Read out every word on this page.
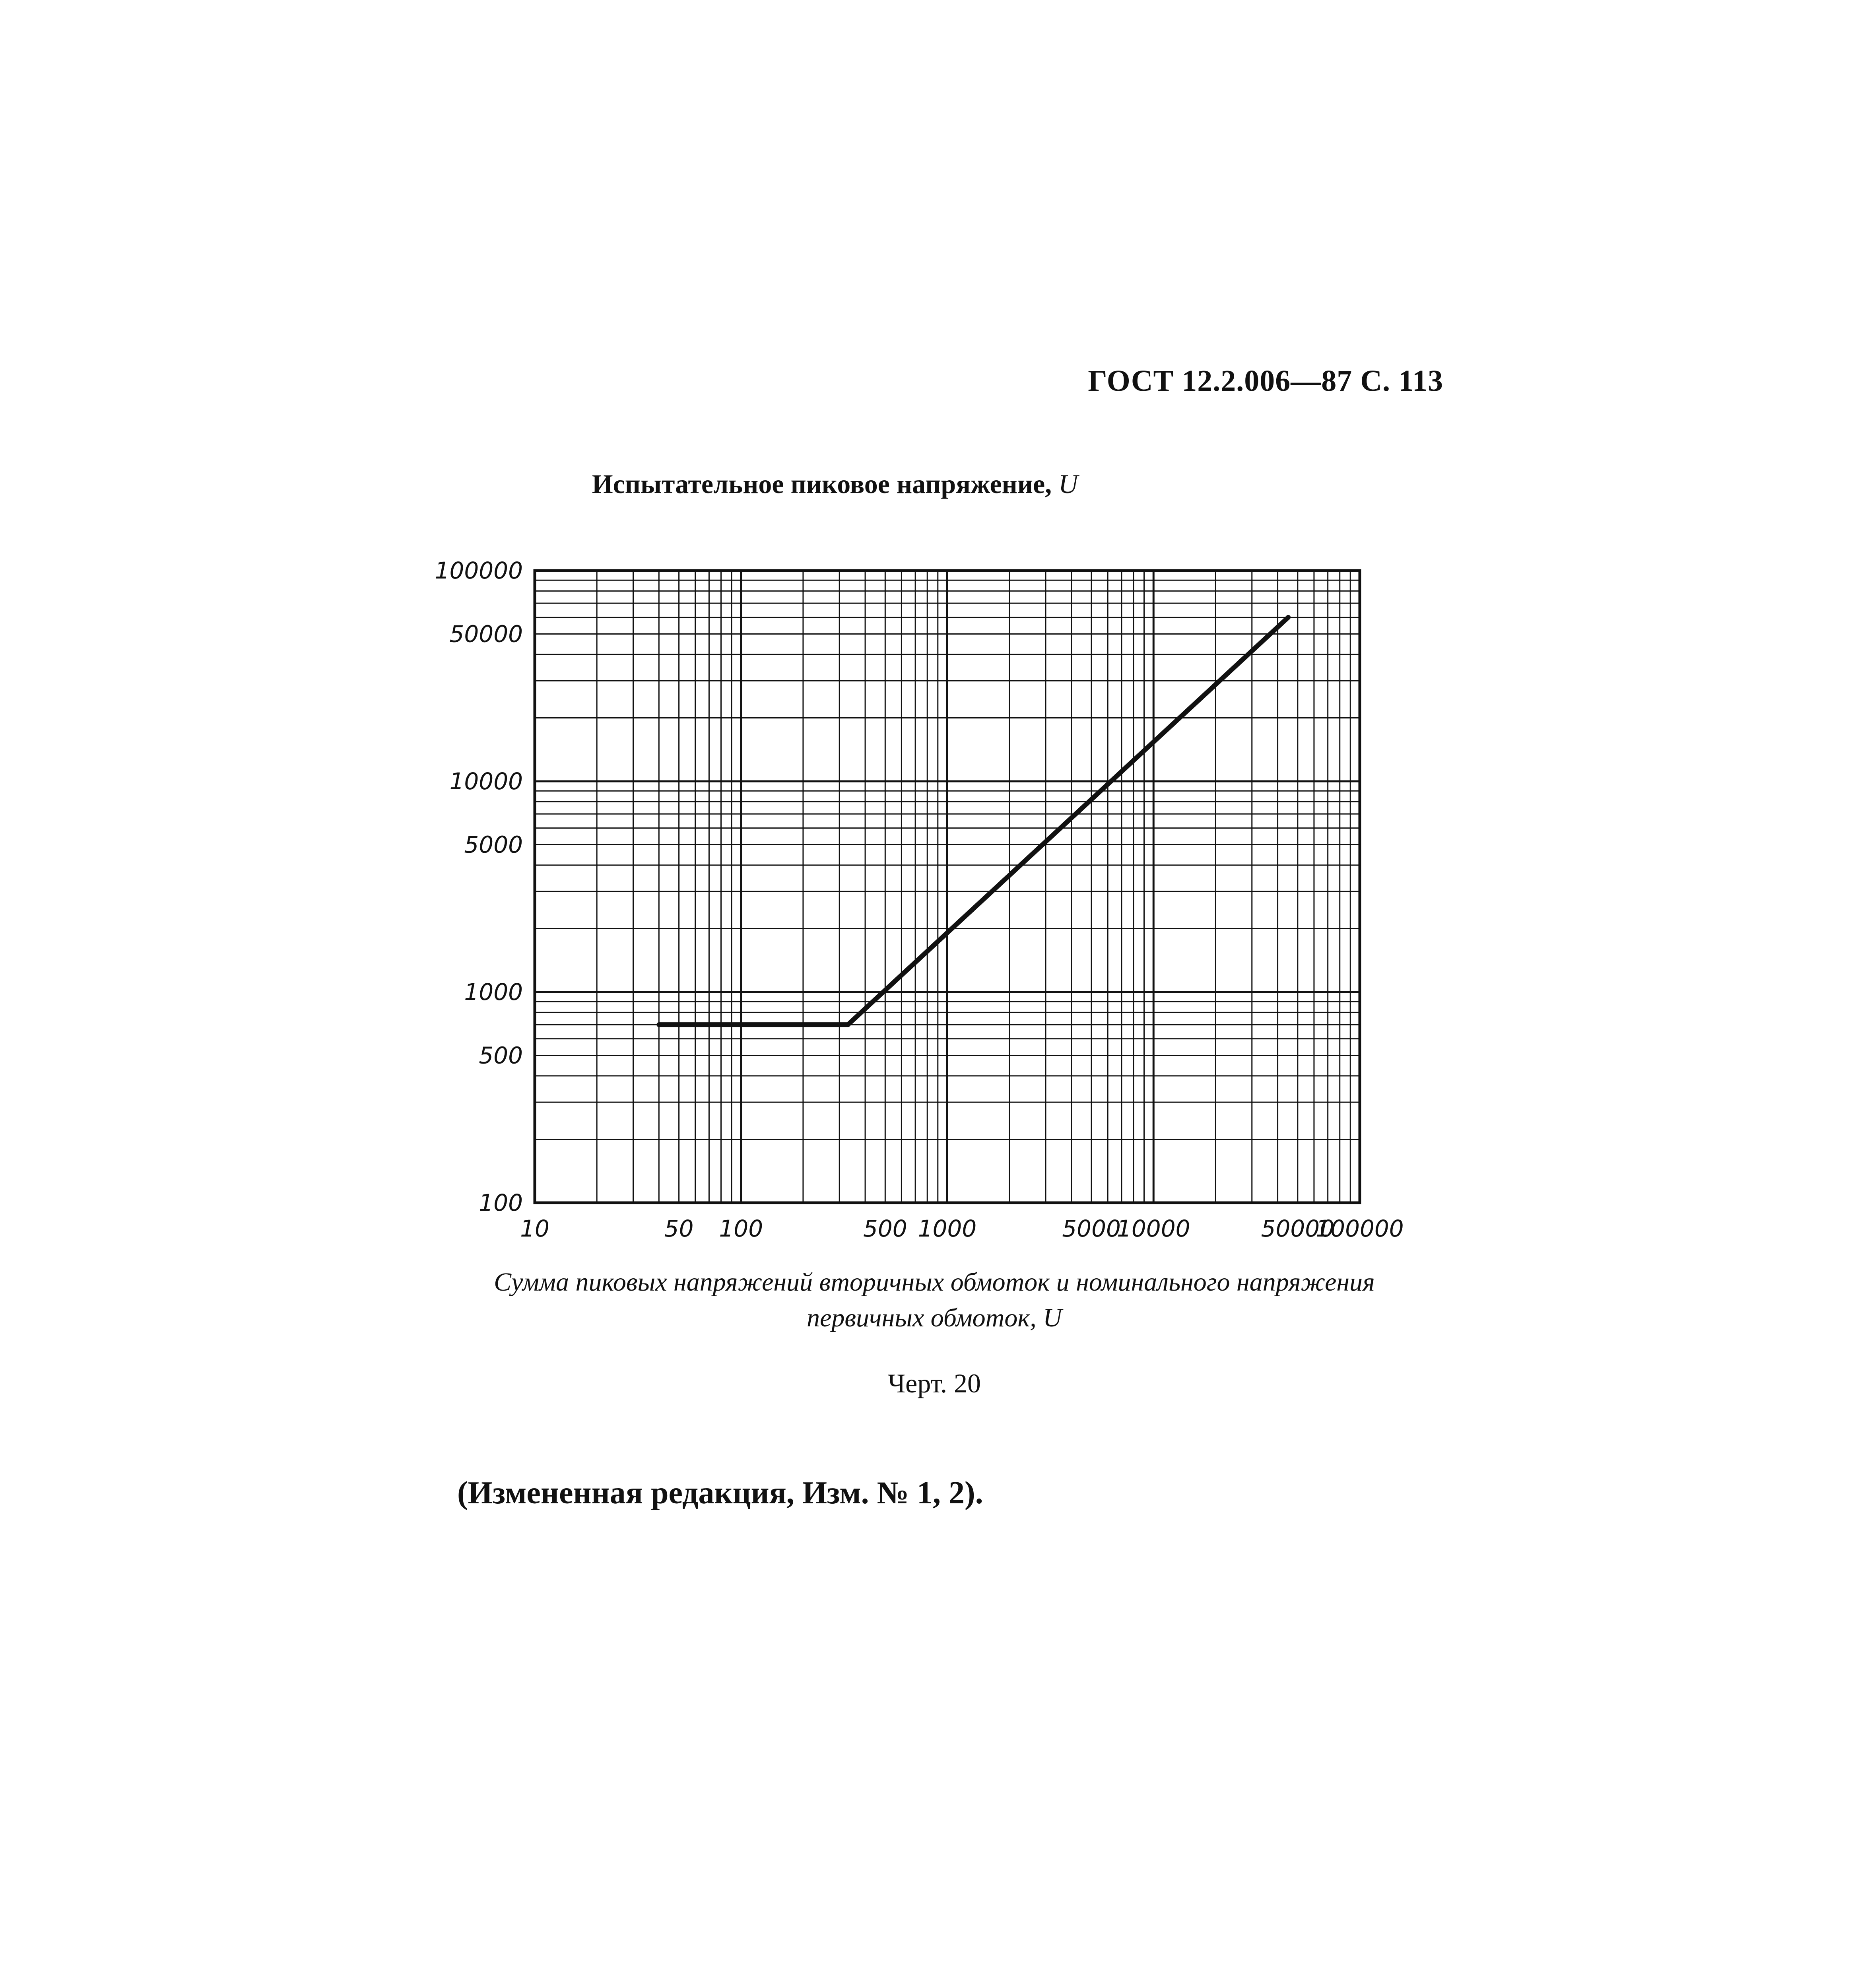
ГОСТ 12.2.006—87 С. 113
Испытательное пиковое напряжение, U
10	50 100	500 1000	5000
10000	50000
100000
100
500
1000
5000
10000
50000
100000
Сумма пиковых напряжений вторичных обмоток и номинального напряжения
первичных обмоток, U
Черт. 20
(Измененная редакция, Изм. № 1, 2).
